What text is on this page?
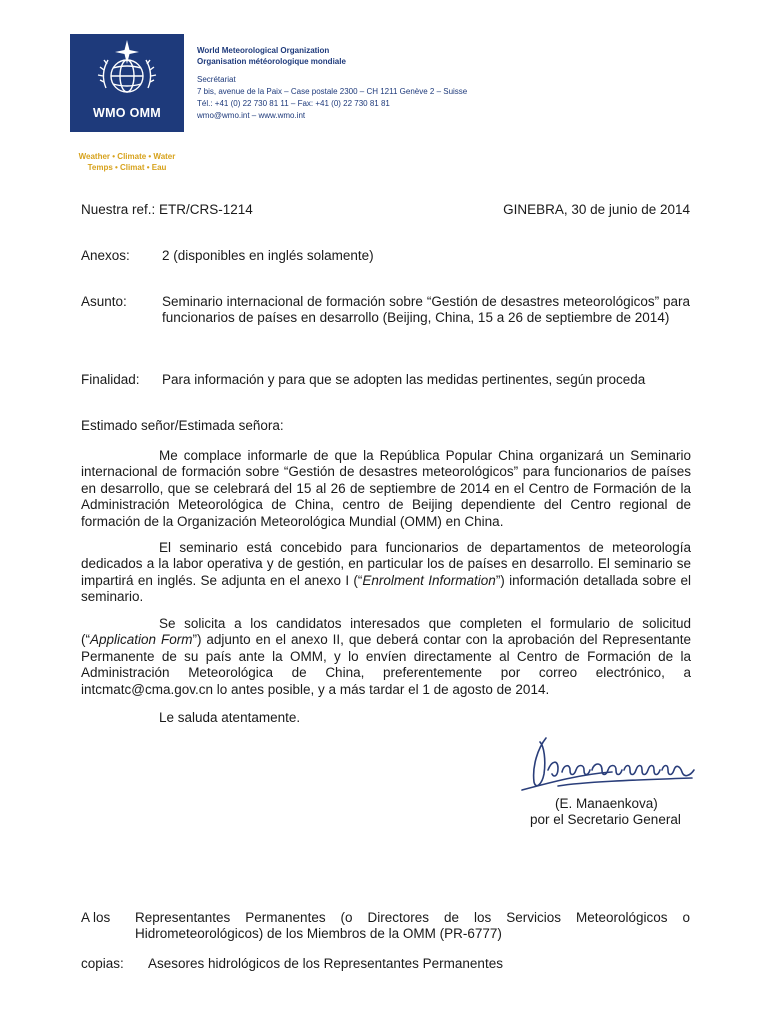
WMO OMM
Weather • Climate • Water
Temps • Climat • Eau
World Meteorological Organization
Organisation météorologique mondiale
Secrétariat
7 bis, avenue de la Paix – Case postale 2300 – CH 1211 Genève 2 – Suisse
Tél.: +41 (0) 22 730 81 11 – Fax: +41 (0) 22 730 81 81
wmo@wmo.int – www.wmo.int
Nuestra ref.: ETR/CRS-1214	GINEBRA, 30 de junio de 2014
Anexos: 2 (disponibles en inglés solamente)
Asunto:	Seminario internacional de formación sobre “Gestión de desastres meteorológicos” para funcionarios de países en desarrollo (Beijing, China, 15 a 26 de septiembre de 2014)
Finalidad: Para información y para que se adopten las medidas pertinentes, según proceda
Estimado señor/Estimada señora:
Me complace informarle de que la República Popular China organizará un Seminario internacional de formación sobre “Gestión de desastres meteorológicos” para funcionarios de países en desarrollo, que se celebrará del 15 al 26 de septiembre de 2014 en el Centro de Formación de la Administración Meteorológica de China, centro de Beijing dependiente del Centro regional de formación de la Organización Meteorológica Mundial (OMM) en China.
El seminario está concebido para funcionarios de departamentos de meteorología dedicados a la labor operativa y de gestión, en particular los de países en desarrollo. El seminario se impartirá en inglés. Se adjunta en el anexo I (“Enrolment Information”) información detallada sobre el seminario.
Se solicita a los candidatos interesados que completen el formulario de solicitud (“Application Form”) adjunto en el anexo II, que deberá contar con la aprobación del Representante Permanente de su país ante la OMM, y lo envíen directamente al Centro de Formación de la Administración Meteorológica de China, preferentemente por correo electrónico, a intcmatc@cma.gov.cn lo antes posible, y a más tardar el 1 de agosto de 2014.
Le saluda atentamente.
(E. Manaenkova)
por el Secretario General
A los Representantes Permanentes (o Directores de los Servicios Meteorológicos o Hidrometeorológicos) de los Miembros de la OMM (PR-6777)
copias: Asesores hidrológicos de los Representantes Permanentes
